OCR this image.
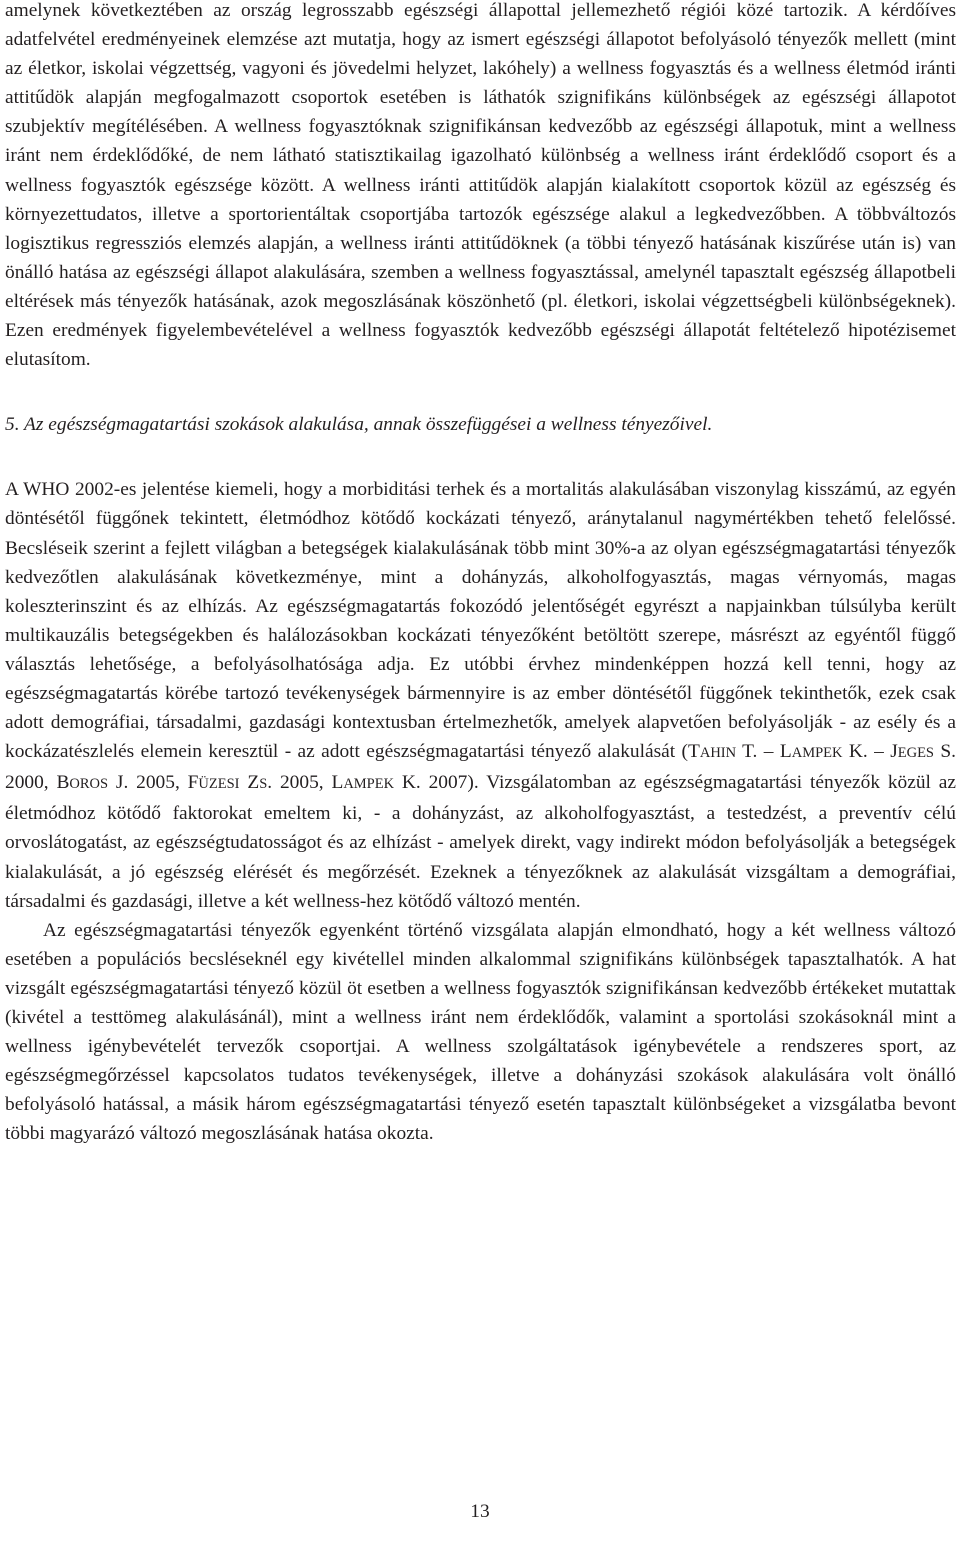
amelynek következtében az ország legrosszabb egészségi állapottal jellemezhető régiói közé tartozik. A kérdőíves adatfelvétel eredményeinek elemzése azt mutatja, hogy az ismert egészségi állapotot befolyásoló tényezők mellett (mint az életkor, iskolai végzettség, vagyoni és jövedelmi helyzet, lakóhely) a wellness fogyasztás és a wellness életmód iránti attitűdök alapján megfogalmazott csoportok esetében is láthatók szignifikáns különbségek az egészségi állapotot szubjektív megítélésében. A wellness fogyasztóknak szignifikánsan kedvezőbb az egészségi állapotuk, mint a wellness iránt nem érdeklődőké, de nem látható statisztikailag igazolható különbség a wellness iránt érdeklődő csoport és a wellness fogyasztók egészsége között. A wellness iránti attitűdök alapján kialakított csoportok közül az egészség és környezettudatos, illetve a sportorientáltak csoportjába tartozók egészsége alakul a legkedvezőbben. A többváltozós logisztikus regressziós elemzés alapján, a wellness iránti attitűdöknek (a többi tényező hatásának kiszűrése után is) van önálló hatása az egészségi állapot alakulására, szemben a wellness fogyasztással, amelynél tapasztalt egészség állapotbeli eltérések más tényezők hatásának, azok megoszlásának köszönhető (pl. életkori, iskolai végzettségbeli különbségeknek). Ezen eredmények figyelembevételével a wellness fogyasztók kedvezőbb egészségi állapotát feltételező hipotézisemet elutasítom.

5. Az egészségmagatartási szokások alakulása, annak összefüggései a wellness tényezőivel.

A WHO 2002-es jelentése kiemeli, hogy a morbiditási terhek és a mortalitás alakulásában viszonylag kisszámú, az egyén döntésétől függőnek tekintett, életmódhoz kötődő kockázati tényező, aránytalanul nagymértékben tehető felelőssé. Becsléseik szerint a fejlett világban a betegségek kialakulásának több mint 30%-a az olyan egészségmagatartási tényezők kedvezőtlen alakulásának következménye, mint a dohányzás, alkoholfogyasztás, magas vérnyomás, magas koleszterinszint és az elhízás. Az egészségmagatartás fokozódó jelentőségét egyrészt a napjainkban túlsúlyba került multikauzális betegségekben és halálozásokban kockázati tényezőként betöltött szerepe, másrészt az egyéntől függő választás lehetősége, a befolyásolhatósága adja. Ez utóbbi érvhez mindenképpen hozzá kell tenni, hogy az egészségmagatartás körébe tartozó tevékenységek bármennyire is az ember döntésétől függőnek tekinthetők, ezek csak adott demográfiai, társadalmi, gazdasági kontextusban értelmezhetők, amelyek alapvetően befolyásolják - az esély és a kockázatészlelés elemein keresztül - az adott egészségmagatartási tényező alakulását (TAHIN T. – LAMPEK K. – JEGES S. 2000, BOROS J. 2005, FÜZESI ZS. 2005, LAMPEK K. 2007). Vizsgálatomban az egészségmagatartási tényezők közül az életmódhoz kötődő faktorokat emeltem ki, - a dohányzást, az alkoholfogyasztást, a testedzést, a preventív célú orvoslátogatást, az egészségtudatosságot és az elhízást - amelyek direkt, vagy indirekt módon befolyásolják a betegségek kialakulását, a jó egészség elérését és megőrzését. Ezeknek a tényezőknek az alakulását vizsgáltam a demográfiai, társadalmi és gazdasági, illetve a két wellness-hez kötődő változó mentén.

Az egészségmagatartási tényezők egyenként történő vizsgálata alapján elmondható, hogy a két wellness változó esetében a populációs becsléseknél egy kivétellel minden alkalommal szignifikáns különbségek tapasztalhatók. A hat vizsgált egészségmagatartási tényező közül öt esetben a wellness fogyasztók szignifikánsan kedvezőbb értékeket mutattak (kivétel a testtömeg alakulásánál), mint a wellness iránt nem érdeklődők, valamint a sportolási szokásoknál mint a wellness igénybevételét tervezők csoportjai. A wellness szolgáltatások igénybevétele a rendszeres sport, az egészségmegőrzéssel kapcsolatos tudatos tevékenységek, illetve a dohányzási szokások alakulására volt önálló befolyásoló hatással, a másik három egészségmagatartási tényező esetén tapasztalt különbségeket a vizsgálatba bevont többi magyarázó változó megoszlásának hatása okozta.

13
